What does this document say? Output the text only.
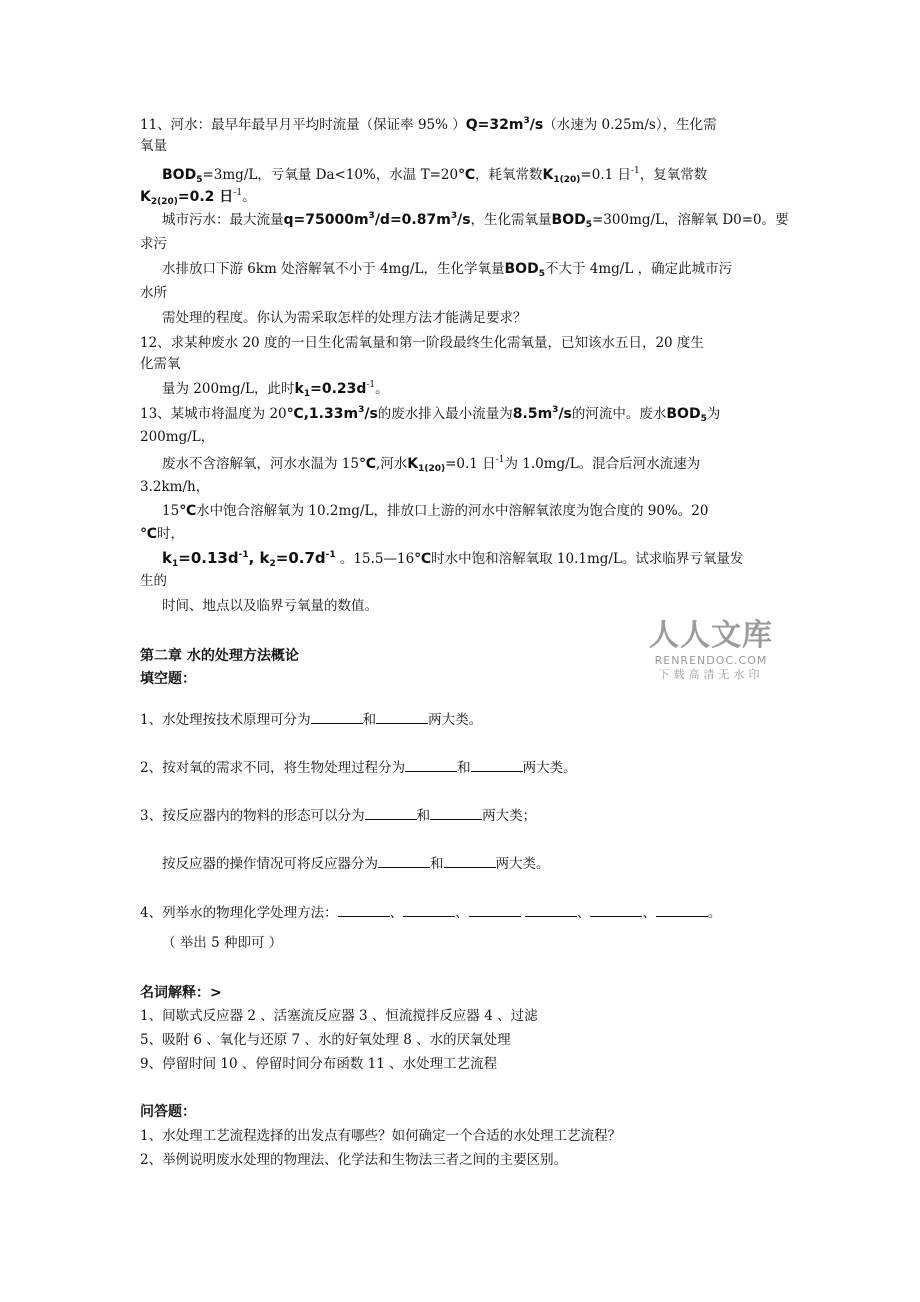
11、河水：最早年最早月平均时流量（保证率 95% ）$Q=32m^3/s$（水速为 0.25m/s），生化需
氧量
$BOD_5=3mg/L$，亏氧量 Da<10%，水温 T=20℃，耗氧常数$K_{1(20)}=0.1$ 日$^{-1}$，复氧常数
$K_{2(20)}=0.2$ 日$^{-1}$。
城市污水：最大流量$q=75000m^3/d=0.87m^3/s$，生化需氧量$BOD_5=300mg/L$，溶解氧 D0=0。要
求污
水排放口下游 6km 处溶解氧不小于 4mg/L，生化学氧量$BOD_5$不大于 4mg/L ，确定此城市污
水所
需处理的程度。你认为需采取怎样的处理方法才能满足要求？
12、求某种废水 20 度的一日生化需氧量和第一阶段最终生化需氧量，已知该水五日，20 度生
化需氧
量为 200mg/L，此时$k_1=0.23d^{-1}$。
13、某城市将温度为 $20℃,1.33m^3/s$的废水排入最小流量为$8.5m^3/s$的河流中。废水$BOD_5$为
200mg/L，
废水不含溶解氧，河水水温为 15℃,河水$K_{1(20)}=0.1$ 日$^{-1}$为 1.0mg/L。混合后河水流速为
3.2km/h，
15℃水中饱合溶解氧为 10.2mg/L，排放口上游的河水中溶解氧浓度为饱合度的 90%。20
℃时，
$k_1=0.13d^{-1}$, $k_2=0.7d^{-1}$ 。15.5—16℃时水中饱和溶解氧取 10.1mg/L。试求临界亏氧量发
生的
时间、地点以及临界亏氧量的数值。
人人文库
RENRENDOC.COM
下载高清无水印
第二章 水的处理方法概论
填空题：
1、水处理按技术原理可分为	和	两大类。
2、按对氧的需求不同，将生物处理过程分为	和	两大类。
3、按反应器内的物料的形态可以分为	和	两大类；
按反应器的操作情况可将反应器分为	和	两大类。
4、列举水的物理化学处理方法：	、	、	、	、	。
（ 举出 5 种即可 ）
名词解释：>
1、间歇式反应器 2 、活塞流反应器 3 、恒流搅拌反应器 4 、过滤
5、吸附 6 、氧化与还原 7 、水的好氧处理 8 、水的厌氧处理
9、停留时间 10 、停留时间分布函数 11 、水处理工艺流程
问答题：
1、水处理工艺流程选择的出发点有哪些？如何确定一个合适的水处理工艺流程？
2、举例说明废水处理的物理法、化学法和生物法三者之间的主要区别。
